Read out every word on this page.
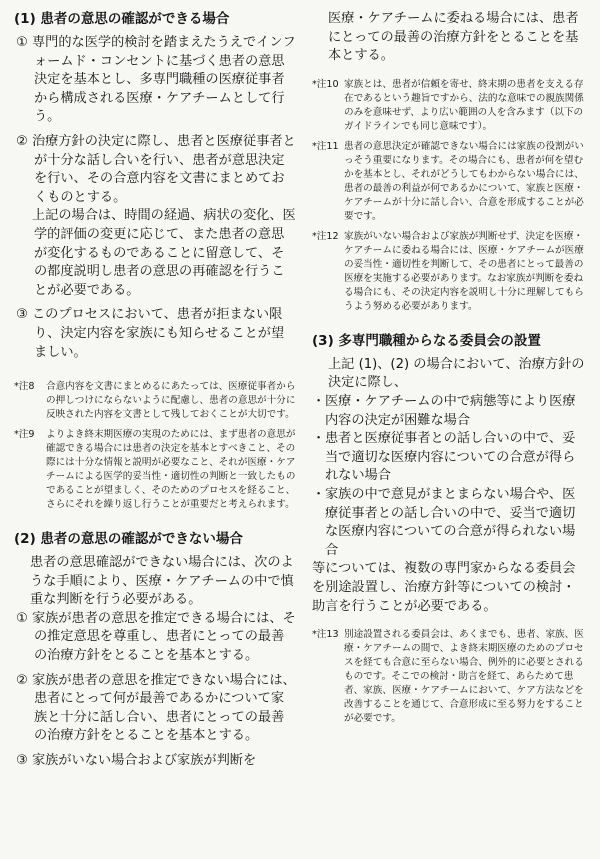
(1) 患者の意思の確認ができる場合

① 専門的な医学的検討を踏まえたうえでインフォームド・コンセントに基づく患者の意思決定を基本とし、多専門職種の医療従事者から構成される医療・ケアチームとして行う。

② 治療方針の決定に際し、患者と医療従事者とが十分な話し合いを行い、患者が意思決定を行い、その合意内容を文書にまとめておくものとする。

上記の場合は、時間の経過、病状の変化、医学的評価の変更に応じて、また患者の意思が変化するものであることに留意して、その都度説明し患者の意思の再確認を行うことが必要である。

③ このプロセスにおいて、患者が拒まない限り、決定内容を家族にも知らせることが望ましい。

*注8 合意内容を文書にまとめるにあたっては、医療従事者からの押しつけにならないように配慮し、患者の意思が十分に反映された内容を文書として残しておくことが大切です。

*注9 よりよき終末期医療の実現のためには、まず患者の意思が確認できる場合には患者の決定を基本とすべきこと、その際には十分な情報と説明が必要なこと、それが医療・ケアチームによる医学的妥当性・適切性の判断と一致したものであることが望ましく、そのためのプロセスを経ること、さらにそれを繰り返し行うことが重要だと考えられます。

(2) 患者の意思の確認ができない場合

患者の意思確認ができない場合には、次のような手順により、医療・ケアチームの中で慎重な判断を行う必要がある。

① 家族が患者の意思を推定できる場合には、その推定意思を尊重し、患者にとっての最善の治療方針をとることを基本とする。

② 家族が患者の意思を推定できない場合には、患者にとって何が最善であるかについて家族と十分に話し合い、患者にとっての最善の治療方針をとることを基本とする。

③ 家族がいない場合および家族が判断を

医療・ケアチームに委ねる場合には、患者にとっての最善の治療方針をとることを基本とする。

*注10 家族とは、患者が信頼を寄せ、終末期の患者を支える存在であるという趣旨ですから、法的な意味での親族関係のみを意味せず、より広い範囲の人を含みます（以下のガイドラインでも同じ意味です）。

*注11 患者の意思決定が確認できない場合には家族の役割がいっそう重要になります。その場合にも、患者が何を望むかを基本とし、それがどうしてもわからない場合には、患者の最善の利益が何であるかについて、家族と医療・ケアチームが十分に話し合い、合意を形成することが必要です。

*注12 家族がいない場合および家族が判断せず、決定を医療・ケアチームに委ねる場合には、医療・ケアチームが医療の妥当性・適切性を判断して、その患者にとって最善の医療を実施する必要があります。なお家族が判断を委ねる場合にも、その決定内容を説明し十分に理解してもらうよう努める必要があります。

(3) 多専門職種からなる委員会の設置

上記 (1)、(2) の場合において、治療方針の決定に際し、

・ 医療・ケアチームの中で病態等により医療内容の決定が困難な場合

・ 患者と医療従事者との話し合いの中で、妥当で適切な医療内容についての合意が得られない場合

・ 家族の中で意見がまとまらない場合や、医療従事者との話し合いの中で、妥当で適切な医療内容についての合意が得られない場合

等については、複数の専門家からなる委員会を別途設置し、治療方針等についての検討・助言を行うことが必要である。

*注13 別途設置される委員会は、あくまでも、患者、家族、医療・ケアチームの間で、よき終末期医療のためのプロセスを経ても合意に至らない場合、例外的に必要とされるものです。そこでの検討・助言を経て、あらためて患者、家族、医療・ケアチームにおいて、ケア方法などを改善することを通じて、合意形成に至る努力をすることが必要です。
